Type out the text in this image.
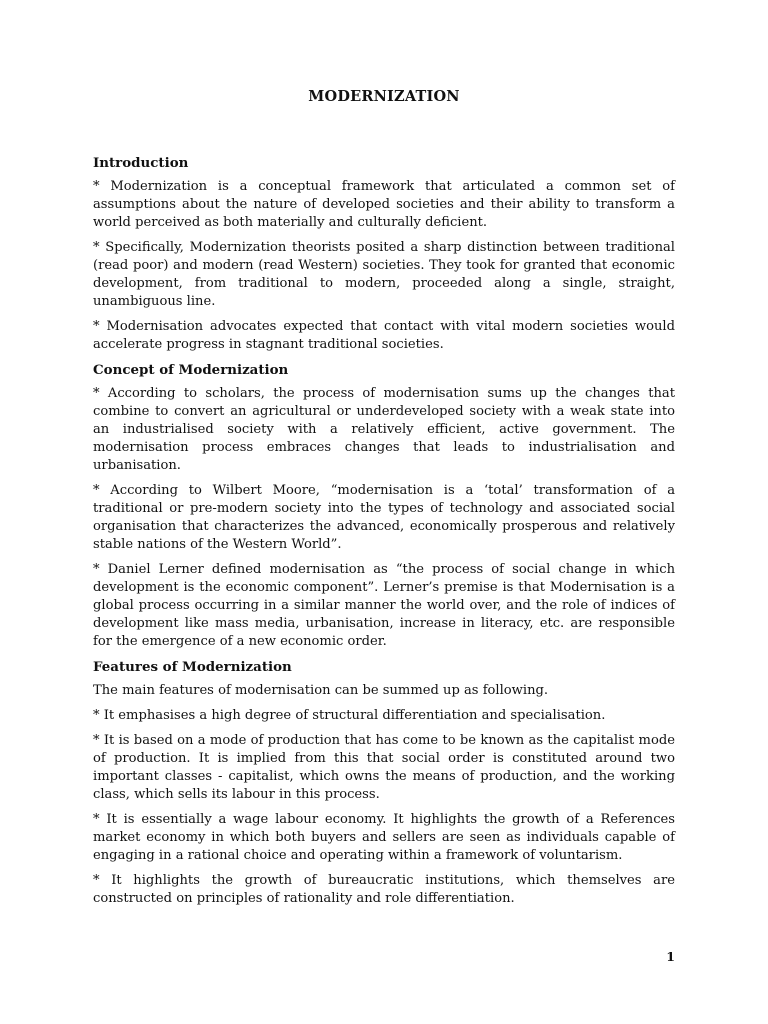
MODERNIZATION
Introduction

* Modernization is a conceptual framework that articulated a common set of assumptions about the nature of developed societies and their ability to transform a world perceived as both materially and culturally deficient.

* Specifically, Modernization theorists posited a sharp distinction between traditional (read poor) and modern (read Western) societies. They took for granted that economic development, from traditional to modern, proceeded along a single, straight, unambiguous line.

* Modernisation advocates expected that contact with vital modern societies would accelerate progress in stagnant traditional societies.

Concept of Modernization

* According to scholars, the process of modernisation sums up the changes that combine to convert an agricultural or underdeveloped society with a weak state into an industrialised society with a relatively efficient, active government. The modernisation process embraces changes that leads to industrialisation and urbanisation.

* According to Wilbert Moore, “modernisation is a ‘total’ transformation of a traditional or pre-modern society into the types of technology and associated social organisation that characterizes the advanced, economically prosperous and relatively stable nations of the Western World”.

* Daniel Lerner defined modernisation as “the process of social change in which development is the economic component”. Lerner’s premise is that Modernisation is a global process occurring in a similar manner the world over, and the role of indices of development like mass media, urbanisation, increase in literacy, etc. are responsible for the emergence of a new economic order.

Features of Modernization

The main features of modernisation can be summed up as following.

* It emphasises a high degree of structural differentiation and specialisation.

* It is based on a mode of production that has come to be known as the capitalist mode of production. It is implied from this that social order is constituted around two important classes - capitalist, which owns the means of production, and the working class, which sells its labour in this process.

* It is essentially a wage labour economy. It highlights the growth of a References market economy in which both buyers and sellers are seen as individuals capable of engaging in a rational choice and operating within a framework of voluntarism.

* It highlights the growth of bureaucratic institutions, which themselves are constructed on principles of rationality and role differentiation.

1
